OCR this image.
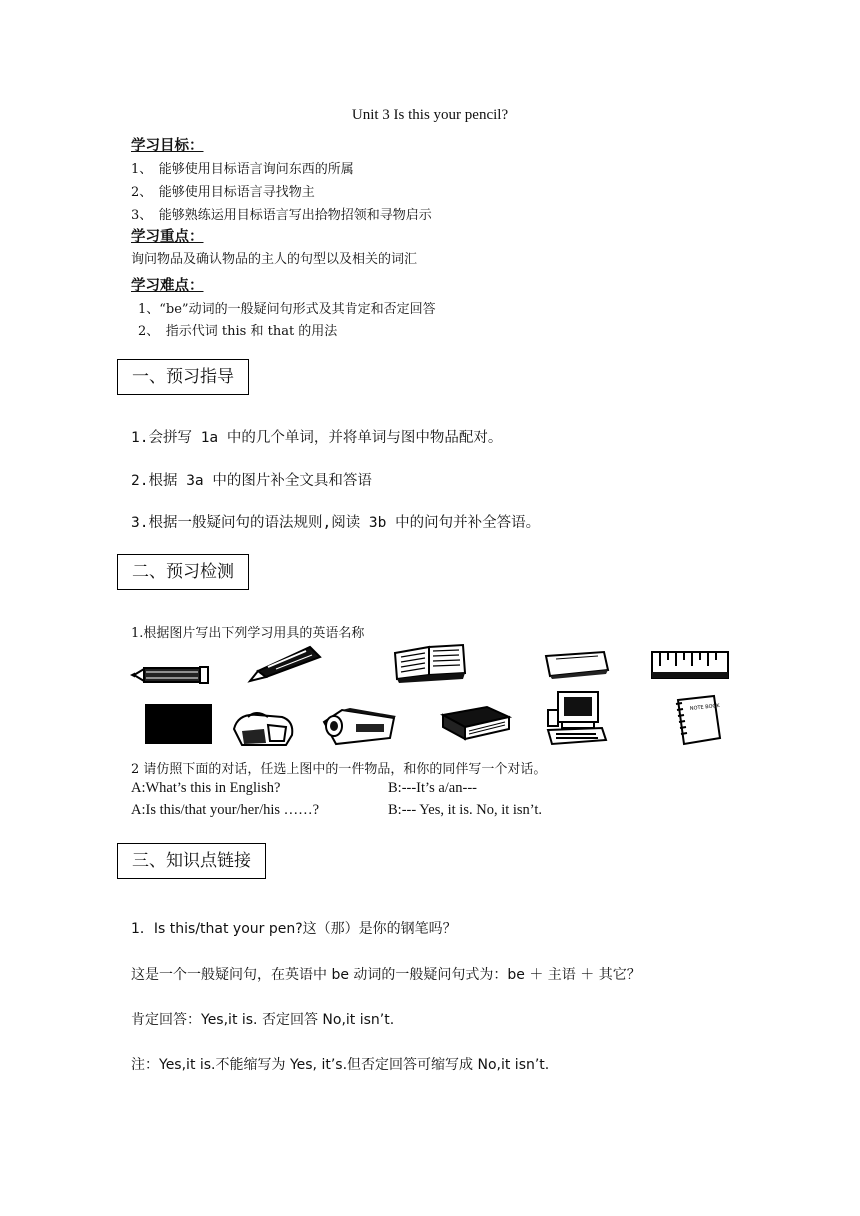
Unit 3 Is this your pencil?
学习目标：
1、　能够使用目标语言询问东西的所属
2、　能够使用目标语言寻找物主
3、　能够熟练运用目标语言写出拾物招领和寻物启示
学习重点：
询问物品及确认物品的主人的句型以及相关的词汇
学习难点：
1、“be”动词的一般疑问句形式及其肯定和否定回答
2、　指示代词 this 和 that 的用法
一、预习指导
1.会拼写 1a 中的几个单词，并将单词与图中物品配对。
2.根据 3a 中的图片补全文具和答语
3.根据一般疑问句的语法规则,阅读 3b 中的问句并补全答语。
二、预习检测
1.根据图片写出下列学习用具的英语名称
NOTE BOOK
2 请仿照下面的对话，任选上图中的一件物品，和你的同伴写一个对话。
A:What’s this in English?	B:---It’s a/an---
A:Is this/that your/her/his ……?	B:--- Yes, it is. No, it isn’t.
三、知识点链接
1．Is this/that your pen?这（那）是你的钢笔吗？
这是一个一般疑问句，在英语中 be 动词的一般疑问句式为：be ＋ 主语 ＋ 其它？
肯定回答：Yes,it is. 否定回答 No,it isn’t.
注：Yes,it is.不能缩写为 Yes, it’s.但否定回答可缩写成 No,it isn’t.
